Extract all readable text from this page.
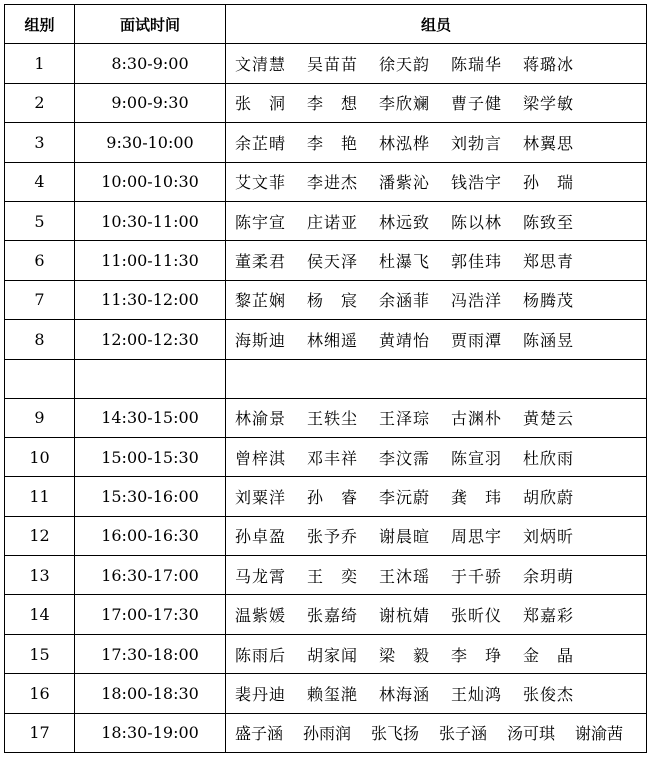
组别	面试时间	组员
1	8:30-9:00	文清慧 吴苗苗 徐天韵 陈瑞华 蒋璐冰
2	9:00-9:30	张　洞 李　想 李欣斓 曹子健 梁学敏
3	9:30-10:00	余芷晴 李　艳 林泓桦 刘勃言 林翼思
4	10:00-10:30	艾文菲 李进杰 潘紫沁 钱浩宇 孙　瑞
5	10:30-11:00	陈宇宣 庄诺亚 林远致 陈以林 陈致至
6	11:00-11:30	董柔君 侯天泽 杜瀑飞 郭佳玮 郑思青
7	11:30-12:00	黎芷娴 杨　宸 余涵菲 冯浩洋 杨腾茂
8	12:00-12:30	海斯迪 林缃遥 黄靖怡 贾雨潭 陈涵昱

9	14:30-15:00	林渝景 王轶尘 王泽琮 古渊朴 黄楚云
10	15:00-15:30	曾梓淇 邓丰祥 李汶霈 陈宣羽 杜欣雨
11	15:30-16:00	刘粟洋 孙　睿 李沅蔚 龚　玮 胡欣蔚
12	16:00-16:30	孙卓盈 张予乔 谢晨暄 周思宇 刘炳昕
13	16:30-17:00	马龙霄 王　奕 王沐瑶 于千骄 余玥萌
14	17:00-17:30	温紫媛 张嘉绮 谢杭婧 张昕仪 郑嘉彩
15	17:30-18:00	陈雨后 胡家闻 梁　毅 李　琤 金　晶
16	18:00-18:30	裴丹迪 赖玺滟 林海涵 王灿鸿 张俊杰
17	18:30-19:00	盛子涵 孙雨润 张飞扬 张子涵 汤可琪 谢渝茜
